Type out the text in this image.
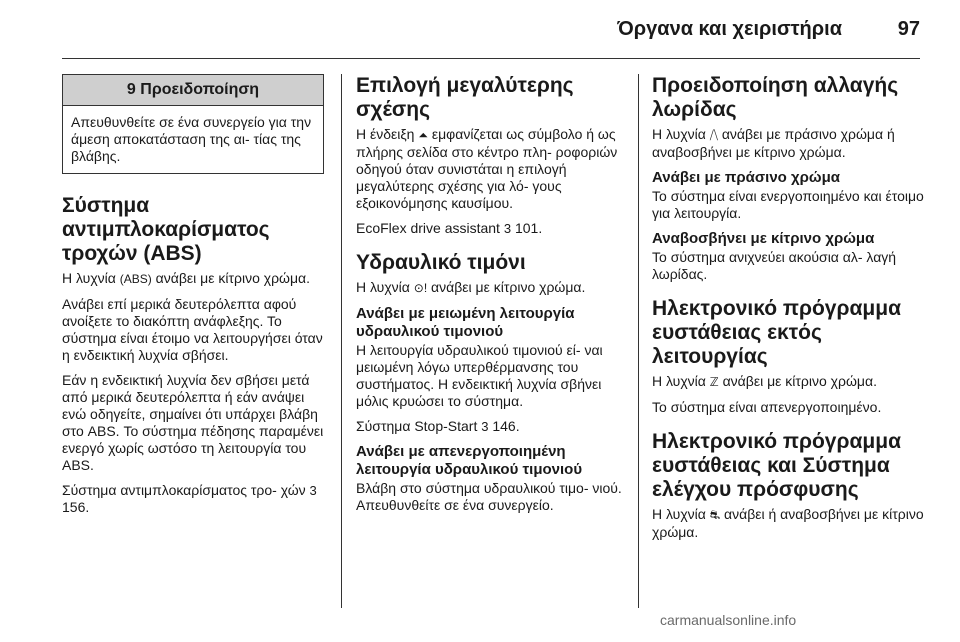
Όργανα και χειριστήρια	97
9 Προειδοποίηση
Απευθυνθείτε σε ένα συνεργείο για την άμεση αποκατάσταση της αι- τίας της βλάβης.
Σύστημα αντιμπλοκαρίσματος τροχών (ABS)

Η λυχνία (ABS) ανάβει με κίτρινο χρώμα.

Ανάβει επί μερικά δευτερόλεπτα αφού ανοίξετε το διακόπτη ανάφλεξης. Το σύστημα είναι έτοιμο να λειτουργήσει όταν η ενδεικτική λυχνία σβήσει.

Εάν η ενδεικτική λυχνία δεν σβήσει μετά από μερικά δευτερόλεπτα ή εάν ανάψει ενώ οδηγείτε, σημαίνει ότι υπάρχει βλάβη στο ABS. Το σύστημα πέδησης παραμένει ενεργό χωρίς ωστόσο τη λειτουργία του ABS.

Σύστημα αντιμπλοκαρίσματος τρο- χών 3 156.

Επιλογή μεγαλύτερης σχέσης

Η ένδειξη ⏶ εμφανίζεται ως σύμβολο ή ως πλήρης σελίδα στο κέντρο πλη- ροφοριών οδηγού όταν συνιστάται η επιλογή μεγαλύτερης σχέσης για λό- γους εξοικονόμησης καυσίμου.

EcoFlex drive assistant 3 101.

Υδραυλικό τιμόνι

Η λυχνία ⊙! ανάβει με κίτρινο χρώμα.

Ανάβει με μειωμένη λειτουργία υδραυλικού τιμονιού

Η λειτουργία υδραυλικού τιμονιού εί- ναι μειωμένη λόγω υπερθέρμανσης του συστήματος. Η ενδεικτική λυχνία σβήνει μόλις κρυώσει το σύστημα.

Σύστημα Stop-Start 3 146.

Ανάβει με απενεργοποιημένη λειτουργία υδραυλικού τιμονιού

Βλάβη στο σύστημα υδραυλικού τιμο- νιού. Απευθυνθείτε σε ένα συνεργείο.

Προειδοποίηση αλλαγής λωρίδας

Η λυχνία ⧸⧹ ανάβει με πράσινο χρώμα ή αναβοσβήνει με κίτρινο χρώμα.

Ανάβει με πράσινο χρώμα

Το σύστημα είναι ενεργοποιημένο και έτοιμο για λειτουργία.

Αναβοσβήνει με κίτρινο χρώμα

Το σύστημα ανιχνεύει ακούσια αλ- λαγή λωρίδας.

Ηλεκτρονικό πρόγραμμα ευστάθειας εκτός λειτουργίας

Η λυχνία ℤ ανάβει με κίτρινο χρώμα.

Το σύστημα είναι απενεργοποιημένο.

Ηλεκτρονικό πρόγραμμα ευστάθειας και Σύστημα ελέγχου πρόσφυσης

Η λυχνία ⛐ ανάβει ή αναβοσβήνει με κίτρινο χρώμα.

carmanualsonline.info
